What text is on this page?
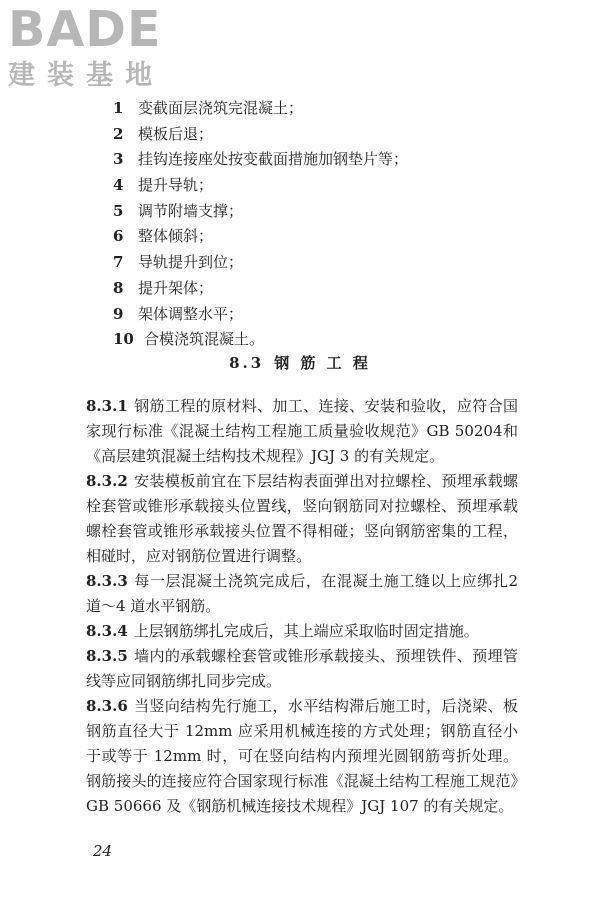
BADE
建装基地
1 变截面层浇筑完混凝土；
2 模板后退；
3 挂钩连接座处按变截面措施加钢垫片等；
4 提升导轨；
5 调节附墙支撑；
6 整体倾斜；
7 导轨提升到位；
8 提升架体；
9 架体调整水平；
10 合模浇筑混凝土。
8.3 钢 筋 工 程

8.3.1 钢筋工程的原材料、加工、连接、安装和验收，应符合国家现行标准《混凝土结构工程施工质量验收规范》GB 50204和《高层建筑混凝土结构技术规程》JGJ 3 的有关规定。

8.3.2 安装模板前宜在下层结构表面弹出对拉螺栓、预埋承载螺栓套管或锥形承载接头位置线，竖向钢筋同对拉螺栓、预埋承载螺栓套管或锥形承载接头位置不得相碰；竖向钢筋密集的工程，相碰时，应对钢筋位置进行调整。

8.3.3 每一层混凝土浇筑完成后，在混凝土施工缝以上应绑扎2 道～4 道水平钢筋。

8.3.4 上层钢筋绑扎完成后，其上端应采取临时固定措施。

8.3.5 墙内的承载螺栓套管或锥形承载接头、预埋铁件、预埋管线等应同钢筋绑扎同步完成。

8.3.6 当竖向结构先行施工，水平结构滞后施工时，后浇梁、板钢筋直径大于 12mm 应采用机械连接的方式处理；钢筋直径小于或等于 12mm 时，可在竖向结构内预埋光圆钢筋弯折处理。钢筋接头的连接应符合国家现行标准《混凝土结构工程施工规范》GB 50666 及《钢筋机械连接技术规程》JGJ 107 的有关规定。

24
